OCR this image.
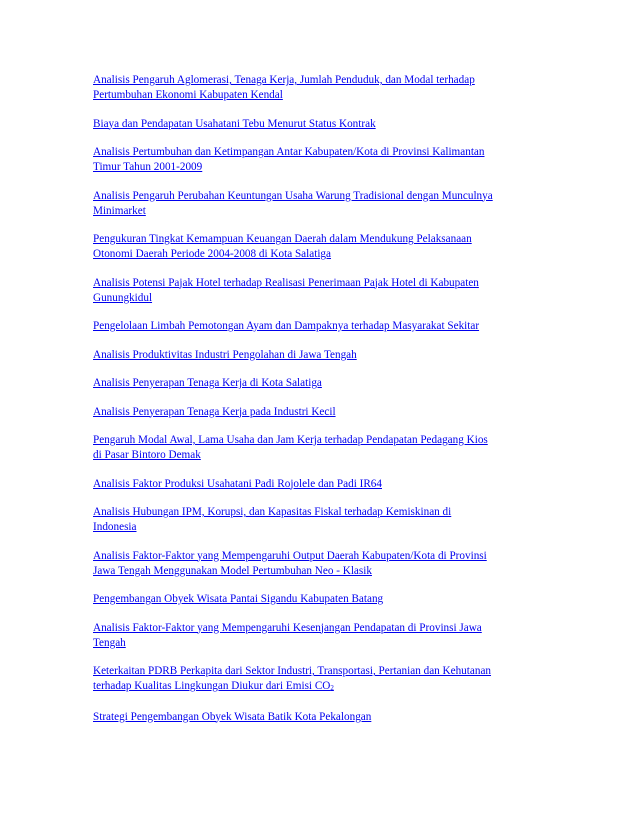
Analisis Pengaruh Aglomerasi, Tenaga Kerja, Jumlah Penduduk, dan Modal terhadap
Pertumbuhan Ekonomi Kabupaten Kendal
Biaya dan Pendapatan Usahatani Tebu Menurut Status Kontrak
Analisis Pertumbuhan dan Ketimpangan Antar Kabupaten/Kota di Provinsi Kalimantan
Timur Tahun 2001-2009
Analisis Pengaruh Perubahan Keuntungan Usaha Warung Tradisional dengan Munculnya
Minimarket
Pengukuran Tingkat Kemampuan Keuangan Daerah dalam Mendukung Pelaksanaan
Otonomi Daerah Periode 2004-2008 di Kota Salatiga
Analisis Potensi Pajak Hotel terhadap Realisasi Penerimaan Pajak Hotel di Kabupaten
Gunungkidul
Pengelolaan Limbah Pemotongan Ayam dan Dampaknya terhadap Masyarakat Sekitar
Analisis Produktivitas Industri Pengolahan di Jawa Tengah
Analisis Penyerapan Tenaga Kerja di Kota Salatiga
Analisis Penyerapan Tenaga Kerja pada Industri Kecil
Pengaruh Modal Awal, Lama Usaha dan Jam Kerja terhadap Pendapatan Pedagang Kios
di Pasar Bintoro Demak
Analisis Faktor Produksi Usahatani Padi Rojolele dan Padi IR64
Analisis Hubungan IPM, Korupsi, dan Kapasitas Fiskal terhadap Kemiskinan di
Indonesia
Analisis Faktor-Faktor yang Mempengaruhi Output Daerah Kabupaten/Kota di Provinsi
Jawa Tengah Menggunakan Model Pertumbuhan Neo - Klasik
Pengembangan Obyek Wisata Pantai Sigandu Kabupaten Batang
Analisis Faktor-Faktor yang Mempengaruhi Kesenjangan Pendapatan di Provinsi Jawa
Tengah
Keterkaitan PDRB Perkapita dari Sektor Industri, Transportasi, Pertanian dan Kehutanan
terhadap Kualitas Lingkungan Diukur dari Emisi CO2
Strategi Pengembangan Obyek Wisata Batik Kota Pekalongan
